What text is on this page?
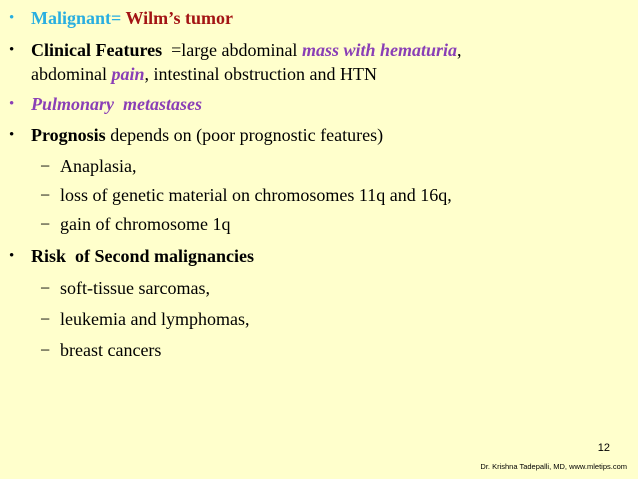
• Malignant= Wilm’s tumor
• Clinical Features  =large abdominal mass with hematuria,
abdominal pain, intestinal obstruction and HTN
• Pulmonary  metastases
• Prognosis depends on (poor prognostic features)
− Anaplasia,
− loss of genetic material on chromosomes 11q and 16q,
− gain of chromosome 1q
• Risk  of Second malignancies
− soft-tissue sarcomas,
− leukemia and lymphomas,
− breast cancers
12
Dr. Krishna Tadepalli, MD, www.mletips.com
